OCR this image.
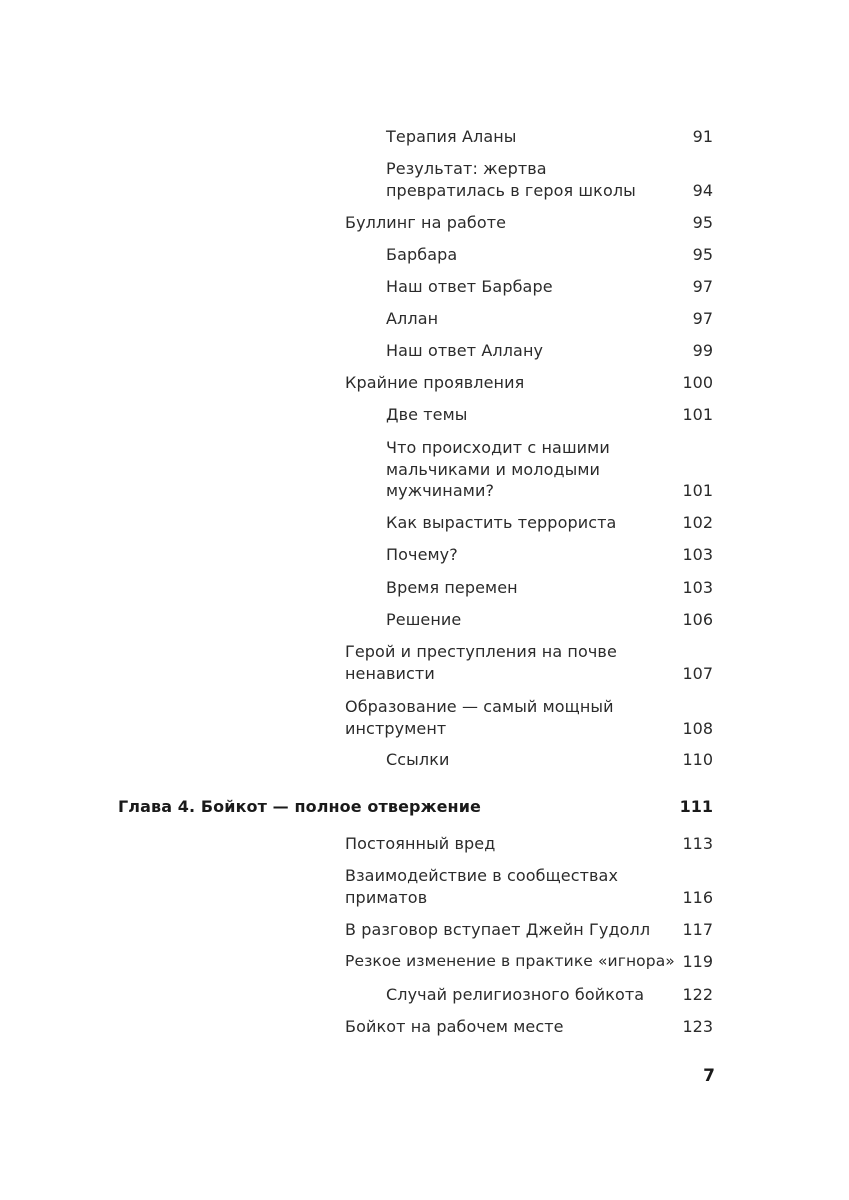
Терапия Аланы	91
Результат: жертва превратилась в героя школы	94
Буллинг на работе	95
Барбара	95
Наш ответ Барбаре	97
Аллан	97
Наш ответ Аллану	99
Крайние проявления	100
Две темы	101
Что происходит с нашими мальчиками и молодыми мужчинами?	101
Как вырастить террориста	102
Почему?	103
Время перемен	103
Решение	106
Герой и преступления на почве ненависти	107
Образование — самый мощный инструмент	108
Ссылки	110
Глава 4. Бойкот — полное отвержение	111
Постоянный вред	113
Взаимодействие в сообществах приматов	116
В разговор вступает Джейн Гудолл	117
Резкое изменение в практике «игнора» 119
Случай религиозного бойкота	122
Бойкот на рабочем месте	123
7
